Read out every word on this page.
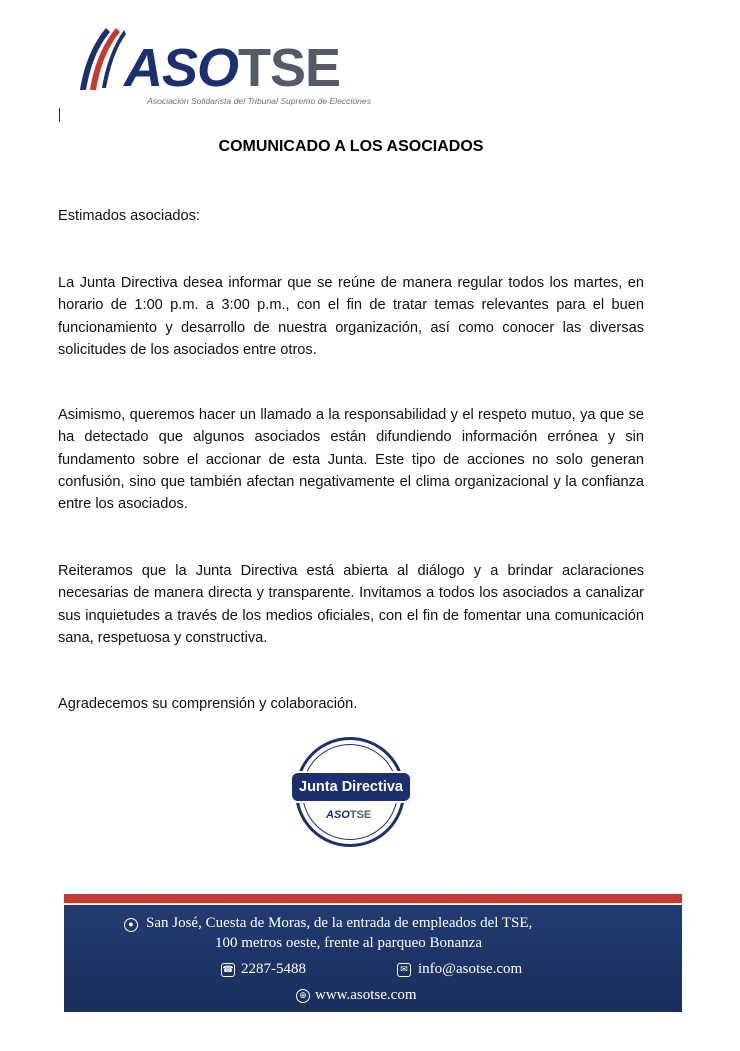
ASOTSE
Asociación Solidarista del Tribunal Supremo de Elecciones
COMUNICADO A LOS ASOCIADOS
Estimados asociados:
La Junta Directiva desea informar que se reúne de manera regular todos los martes, en horario de 1:00 p.m. a 3:00 p.m., con el fin de tratar temas relevantes para el buen funcionamiento y desarrollo de nuestra organización, así como conocer las diversas solicitudes de los asociados entre otros.
Asimismo, queremos hacer un llamado a la responsabilidad y el respeto mutuo, ya que se ha detectado que algunos asociados están difundiendo información errónea y sin fundamento sobre el accionar de esta Junta. Este tipo de acciones no solo generan confusión, sino que también afectan negativamente el clima organizacional y la confianza entre los asociados.
Reiteramos que la Junta Directiva está abierta al diálogo y a brindar aclaraciones necesarias de manera directa y transparente. Invitamos a todos los asociados a canalizar sus inquietudes a través de los medios oficiales, con el fin de fomentar una comunicación sana, respetuosa y constructiva.
Agradecemos su comprensión y colaboración.
Junta Directiva
ASOTSE
● San José, Cuesta de Moras, de la entrada de empleados del TSE,
100 metros oeste, frente al parqueo Bonanza
☎ 2287-5488	✉ info@asotse.com
⊕ www.asotse.com
